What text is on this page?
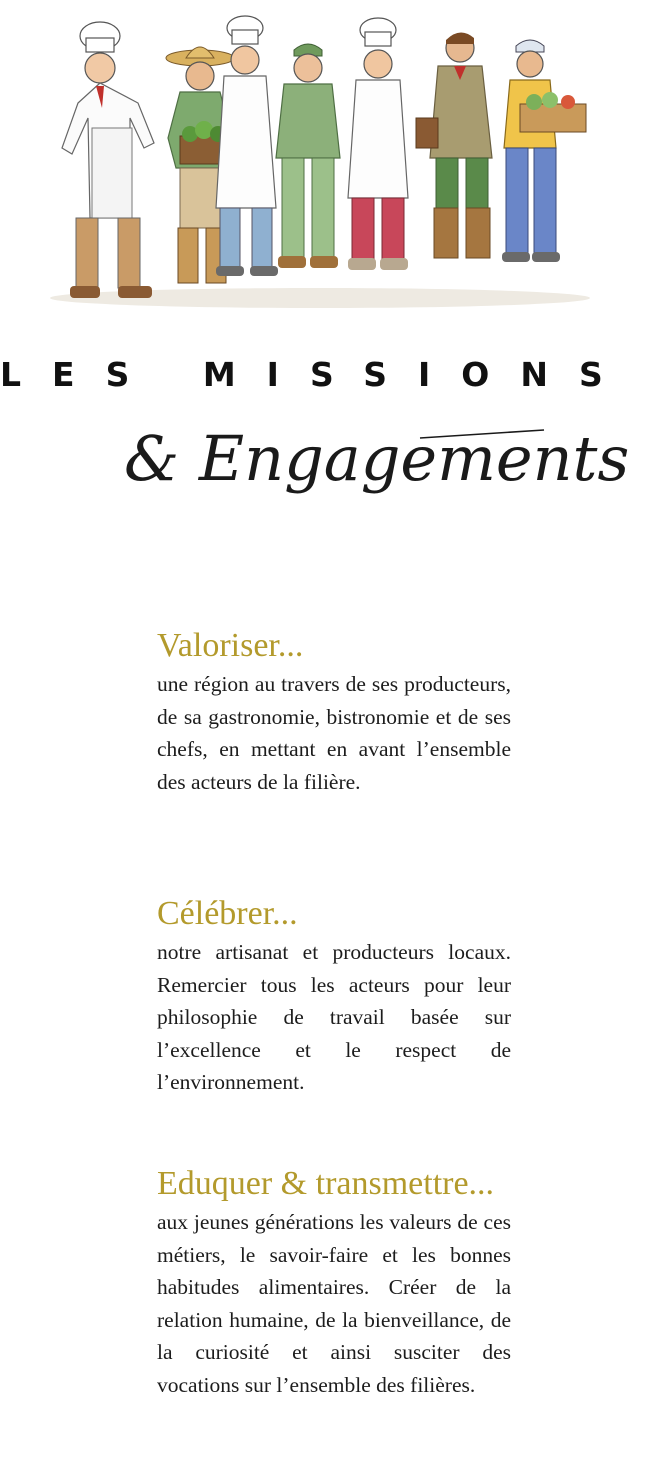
LES MISSIONS
& Engagements
Valoriser...

une région au travers de ses producteurs, de sa gastronomie, bistronomie et de ses chefs, en mettant en avant l’ensemble des acteurs de la filière.

Célébrer...

notre artisanat et producteurs locaux. Remercier tous les acteurs pour leur philosophie de travail basée sur l’excellence et le respect de l’environnement.

Eduquer & transmettre...

aux jeunes générations les valeurs de ces métiers, le savoir-faire et les bonnes habitudes alimentaires. Créer de la relation humaine, de la bienveillance, de la curiosité et ainsi susciter des vocations sur l’ensemble des filières.
